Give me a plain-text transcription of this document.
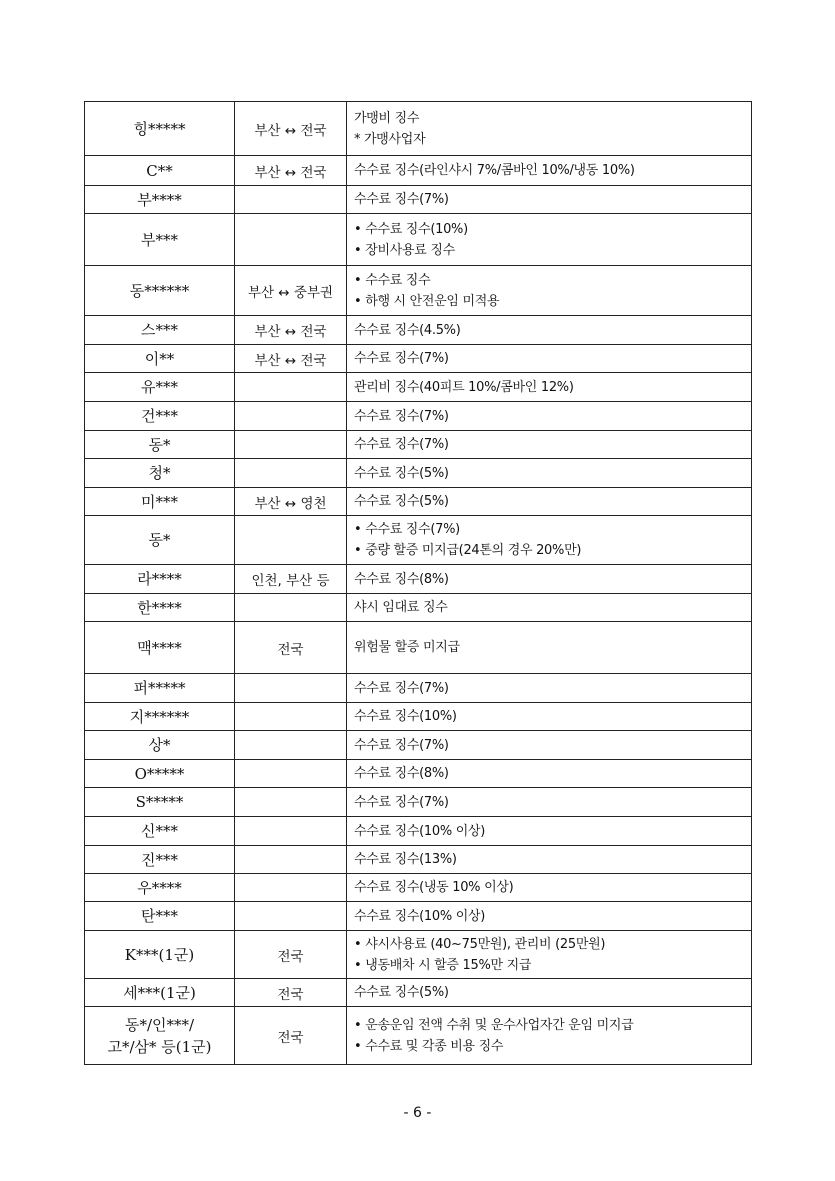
힝*****	부산 ↔ 전국	가맹비 징수
* 가맹사업자

C**	부산 ↔ 전국	수수료 징수(라인샤시 7%/콤바인 10%/냉동 10%)

부****		수수료 징수(7%)

부***		• 수수료 징수(10%)
• 장비사용료 징수

동******	부산 ↔ 중부권	• 수수료 징수
• 하행 시 안전운임 미적용

스***	부산 ↔ 전국	수수료 징수(4.5%)

이**	부산 ↔ 전국	수수료 징수(7%)

유***		관리비 징수(40피트 10%/콤바인 12%)

건***		수수료 징수(7%)

동*		수수료 징수(7%)

청*		수수료 징수(5%)

미***	부산 ↔ 영천	수수료 징수(5%)

동*		• 수수료 징수(7%)
• 중량 할증 미지급(24톤의 경우 20%만)

라****	인천, 부산 등	수수료 징수(8%)

한****		샤시 임대료 징수

맥****	전국	위험물 할증 미지급

퍼*****		수수료 징수(7%)

지******		수수료 징수(10%)

상*		수수료 징수(7%)

O*****		수수료 징수(8%)

S*****		수수료 징수(7%)

신***		수수료 징수(10% 이상)

진***		수수료 징수(13%)

우****		수수료 징수(냉동 10% 이상)

탄***		수수료 징수(10% 이상)

K***(1군)	전국	• 샤시사용료 (40~75만원), 관리비 (25만원)
• 냉동배차 시 할증 15%만 지급

세***(1군)	전국	수수료 징수(5%)

동*/인***/
고*/삼* 등(1군)	전국	• 운송운임 전액 수취 및 운수사업자간 운임 미지급
• 수수료 및 각종 비용 징수
- 6 -
